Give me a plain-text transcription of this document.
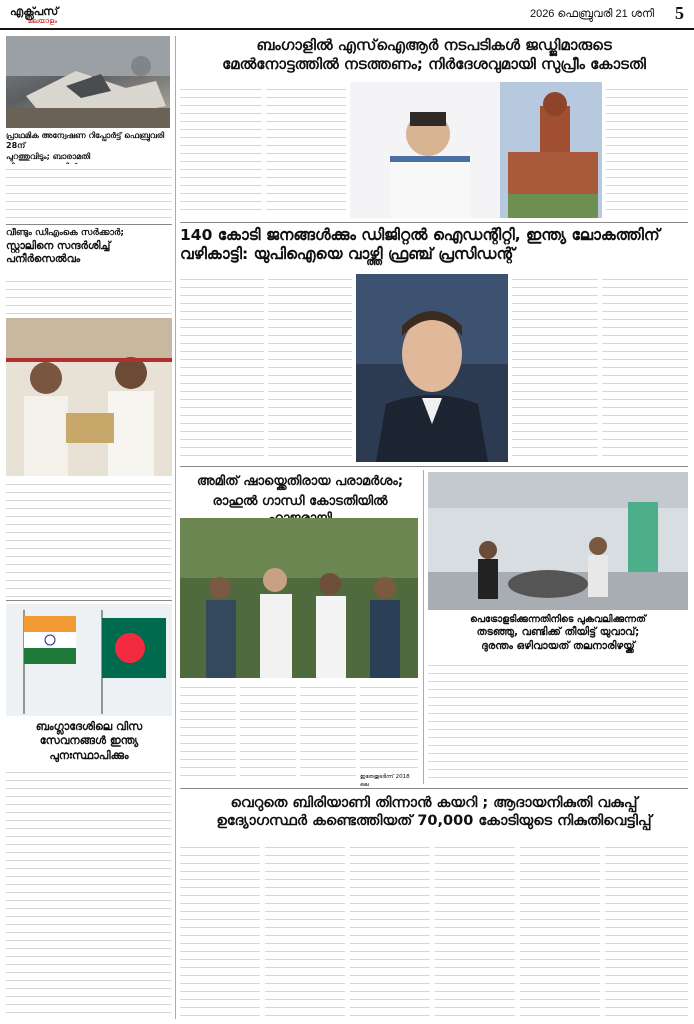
എക്സ്പ്രസ്
മലയാളം
2026 ഫെബ്രുവരി 21 ശനി 5
പ്രാഥമിക അന്വേഷണ റിപ്പോർട്ട് ഫെബ്രുവരി 28ന്
പുറത്തുവിടും; ബാരാമതി
വീണ്ടും ഡിഎംകെ സർക്കാർ;
സ്റ്റാലിനെ സന്ദർശിച്ച്
പനീർസെൽവം
ബംഗ്ലാദേശിലെ വിസ
സേവനങ്ങൾ ഇന്ത്യ
പുനഃസ്ഥാപിക്കും
ബംഗാളിൽ എസ്ഐആർ നടപടികൾ ജഡ്ജിമാരുടെ
മേൽനോട്ടത്തിൽ നടത്തണം; നിർദേശവുമായി സുപ്രീം കോടതി
140 കോടി ജനങ്ങൾക്കും ഡിജിറ്റൽ ഐഡന്റിറ്റി, ഇന്ത്യ ലോകത്തിന്
വഴികാട്ടി: യുപിഐയെ വാഴ്ത്തി ഫ്രഞ്ച് പ്രസിഡന്റ്
അമിത് ഷായ്ക്കെതിരായ പരാമർശം;
രാഹുൽ ഗാന്ധി കോടതിയിൽ
ഇതേതുടർന്ന് 2018 ലെ
പെട്രോളടിക്കുന്നതിനിടെ പുകവലിക്കുന്നത്
തടഞ്ഞു, വണ്ടിക്ക് തീയിട്ട് യുവാവ്;
ദുരന്തം ഒഴിവായത് തലനാരിഴയ്ക്ക്
വെറുതെ ബിരിയാണി തിന്നാൻ കയറി ; ആദായനികുതി വകുപ്പ്
ഉദ്യോഗസ്ഥർ കണ്ടെത്തിയത് 70,000 കോടിയുടെ നികുതിവെട്ടിപ്പ്
